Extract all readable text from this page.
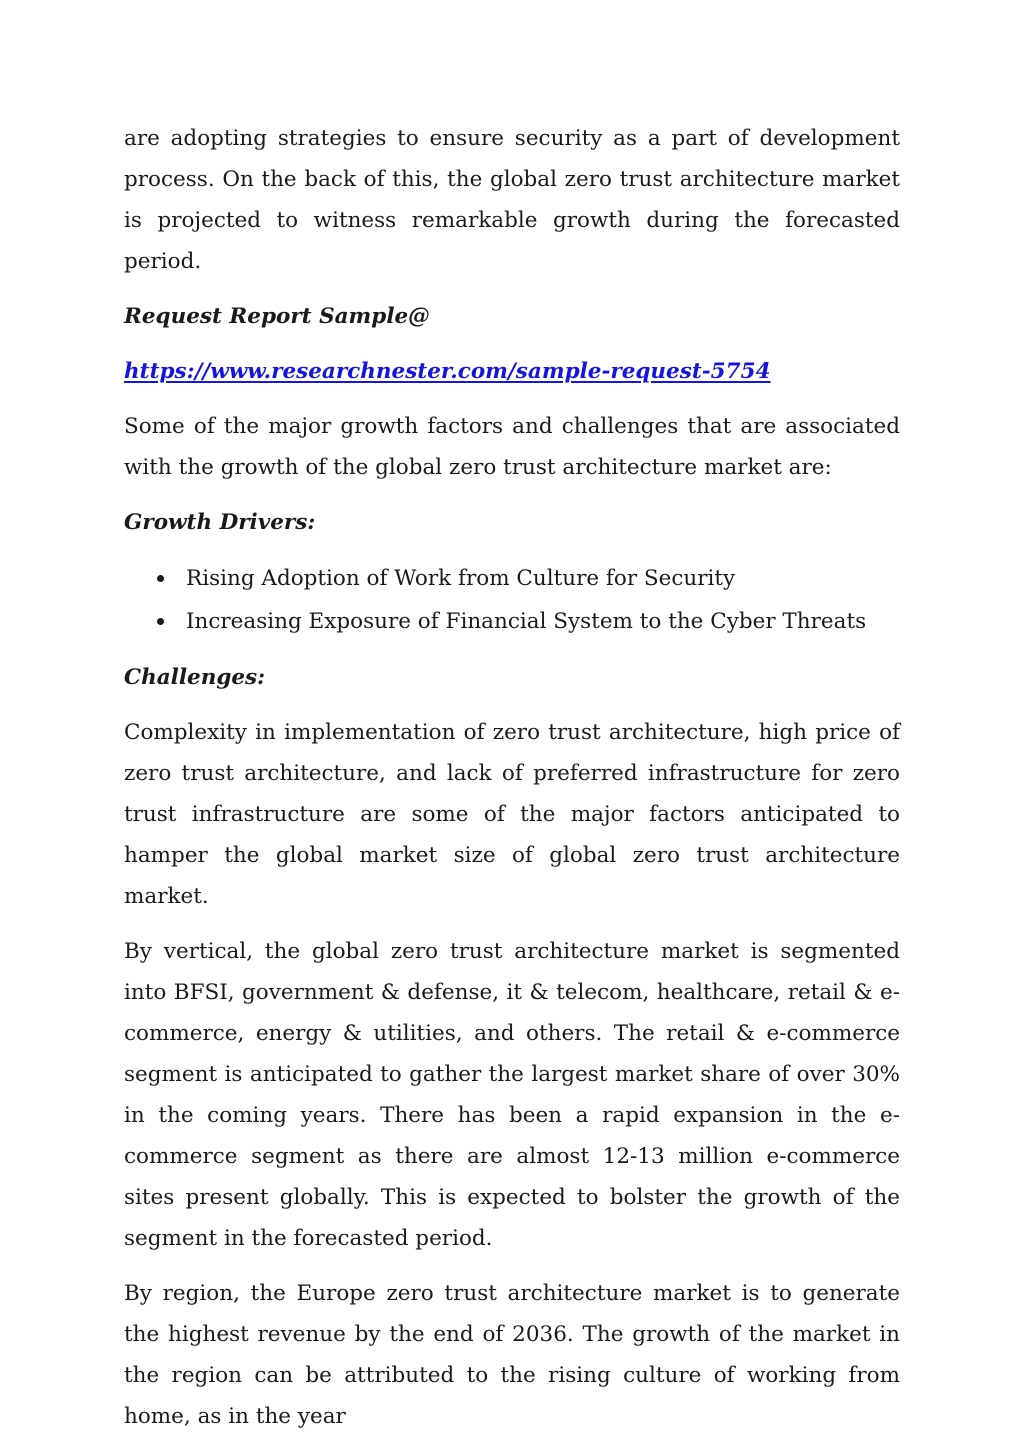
are adopting strategies to ensure security as a part of development process. On the back of this, the global zero trust architecture market is projected to witness remarkable growth during the forecasted period.

Request Report Sample@
https://www.researchnester.com/sample-request-5754

Some of the major growth factors and challenges that are associated with the growth of the global zero trust architecture market are:

Growth Drivers:
Rising Adoption of Work from Culture for Security
Increasing Exposure of Financial System to the Cyber Threats
Challenges:

Complexity in implementation of zero trust architecture, high price of zero trust architecture, and lack of preferred infrastructure for zero trust infrastructure are some of the major factors anticipated to hamper the global market size of global zero trust architecture market.

By vertical, the global zero trust architecture market is segmented into BFSI, government & defense, it & telecom, healthcare, retail & e-commerce, energy & utilities, and others. The retail & e-commerce segment is anticipated to gather the largest market share of over 30% in the coming years. There has been a rapid expansion in the e-commerce segment as there are almost 12-13 million e-commerce sites present globally. This is expected to bolster the growth of the segment in the forecasted period.

By region, the Europe zero trust architecture market is to generate the highest revenue by the end of 2036. The growth of the market in the region can be attributed to the rising culture of working from home, as in the year
